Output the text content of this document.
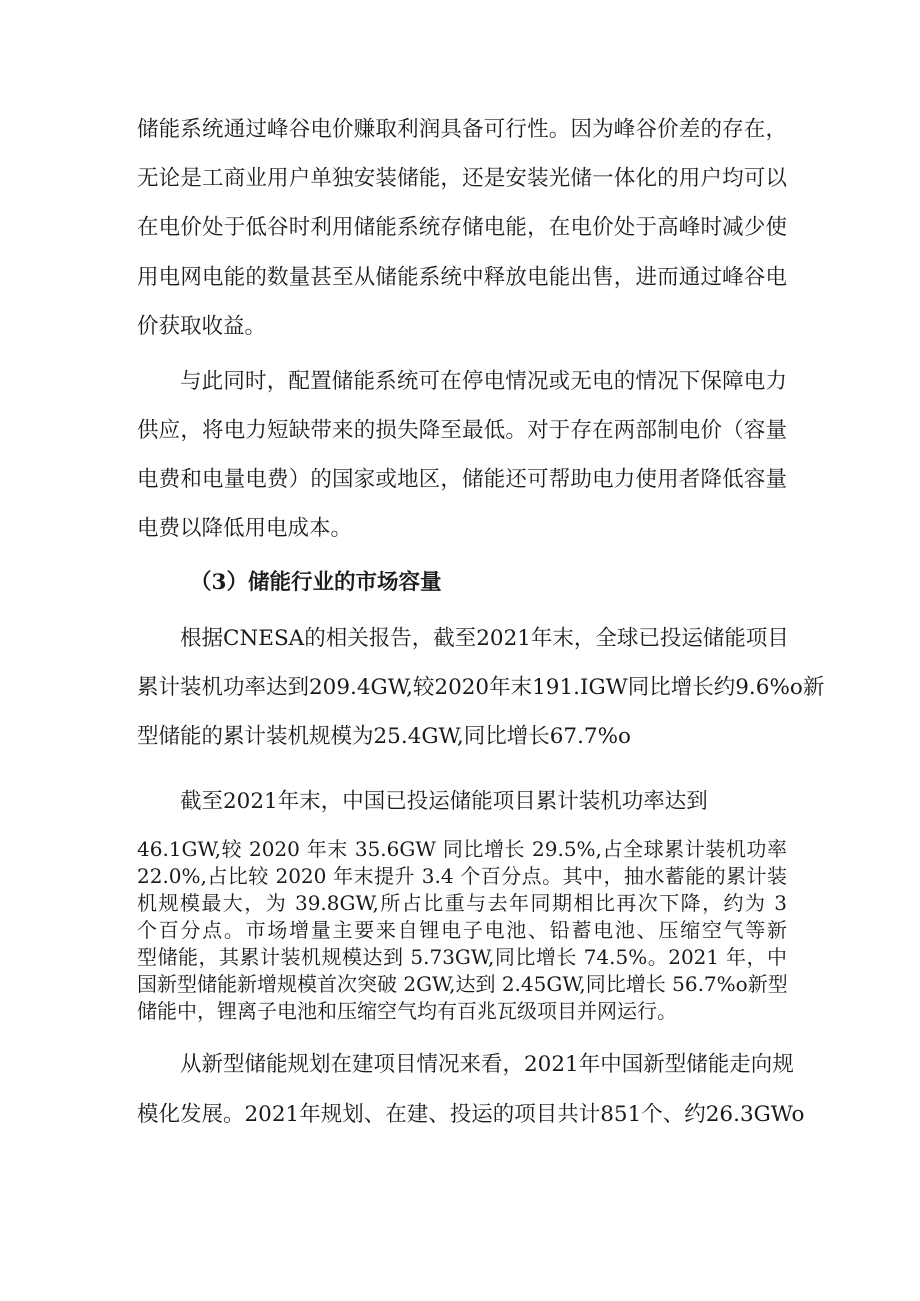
储能系统通过峰谷电价赚取利润具备可行性。因为峰谷价差的存在，

无论是工商业用户单独安装储能，还是安装光储一体化的用户均可以

在电价处于低谷时利用储能系统存储电能，在电价处于高峰时减少使

用电网电能的数量甚至从储能系统中释放电能出售，进而通过峰谷电

价获取收益。

与此同时，配置储能系统可在停电情况或无电的情况下保障电力

供应，将电力短缺带来的损失降至最低。对于存在两部制电价（容量

电费和电量电费）的国家或地区，储能还可帮助电力使用者降低容量

电费以降低用电成本。

（3）储能行业的市场容量

根据CNESA的相关报告，截至2021年末，全球已投运储能项目

累计装机功率达到209.4GW,较2020年末191.IGW同比增长约9.6%o新

型储能的累计装机规模为25.4GW,同比增长67.7%o

截至2021年末，中国已投运储能项目累计装机功率达到

46.1GW,较 2020 年末 35.6GW 同比增长 29.5%,占全球累计装机功率

22.0%,占比较 2020 年末提升 3.4 个百分点。其中，抽水蓄能的累计装

机规模最大，为 39.8GW,所占比重与去年同期相比再次下降，约为 3

个百分点。市场增量主要来自锂电子电池、铅蓄电池、压缩空气等新

型储能，其累计装机规模达到 5.73GW,同比增长 74.5%。2021 年，中

国新型储能新增规模首次突破 2GW,达到 2.45GW,同比增长 56.7%o新型

储能中，锂离子电池和压缩空气均有百兆瓦级项目并网运行。

从新型储能规划在建项目情况来看，2021年中国新型储能走向规

模化发展。2021年规划、在建、投运的项目共计851个、约26.3GWo
